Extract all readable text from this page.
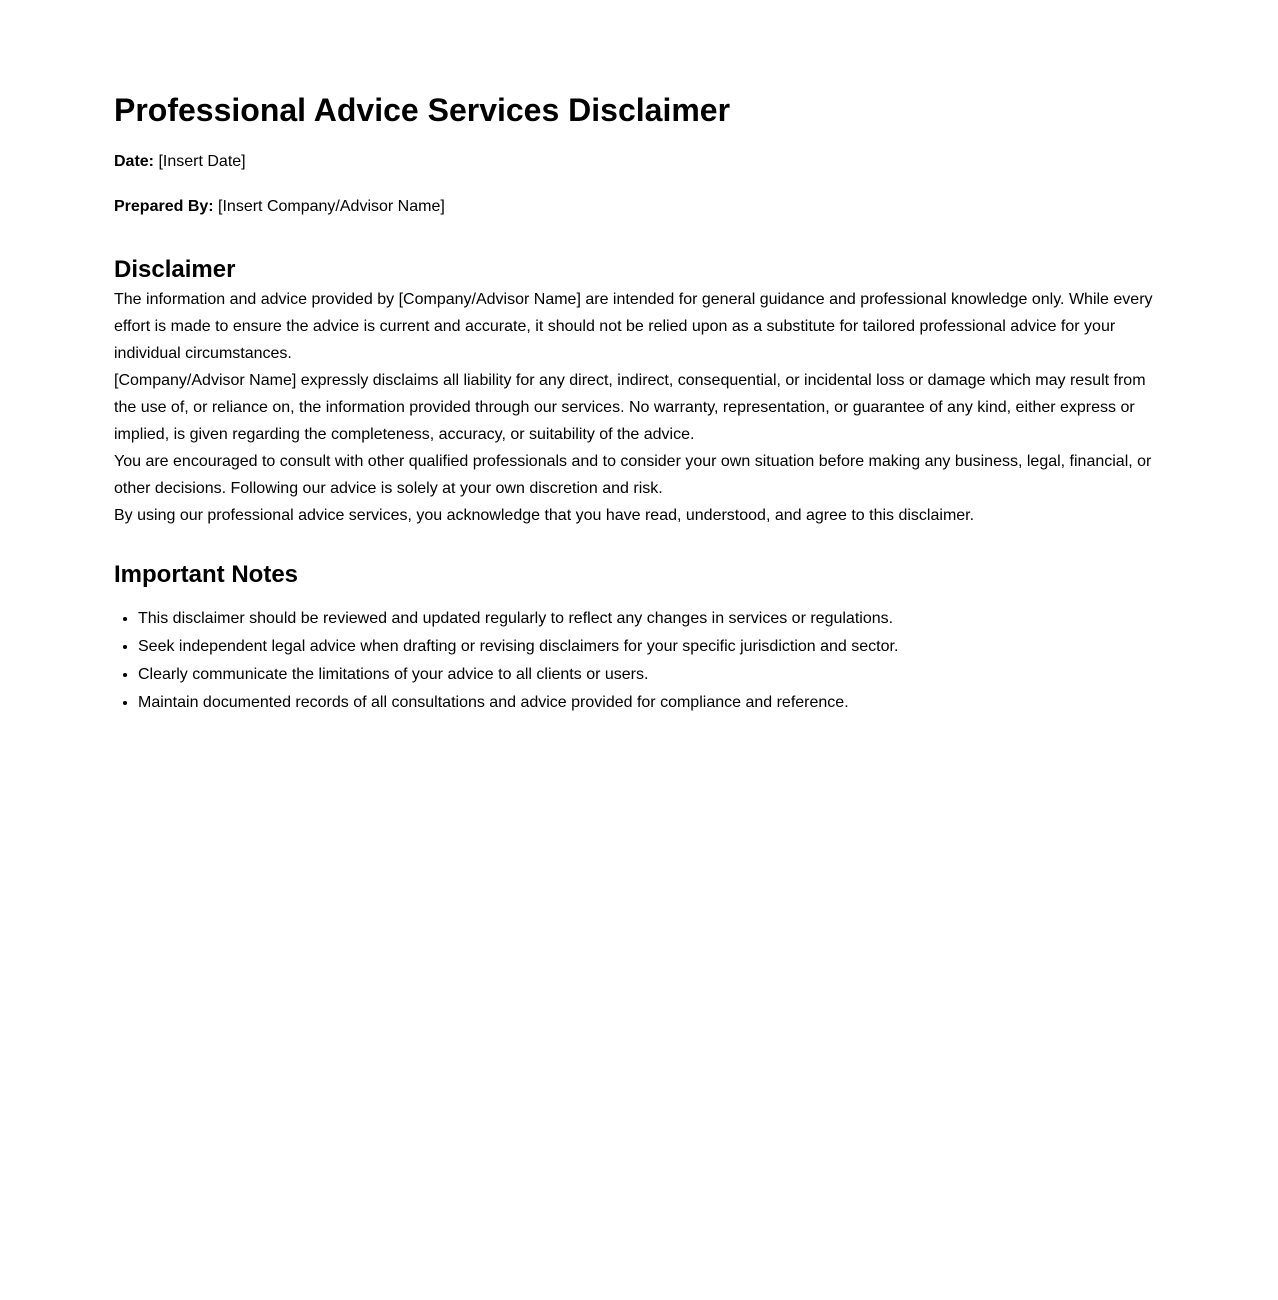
Professional Advice Services Disclaimer

Date: [Insert Date]

Prepared By: [Insert Company/Advisor Name]

Disclaimer

The information and advice provided by [Company/Advisor Name] are intended for general guidance and professional knowledge only. While every effort is made to ensure the advice is current and accurate, it should not be relied upon as a substitute for tailored professional advice for your individual circumstances.

[Company/Advisor Name] expressly disclaims all liability for any direct, indirect, consequential, or incidental loss or damage which may result from the use of, or reliance on, the information provided through our services. No warranty, representation, or guarantee of any kind, either express or implied, is given regarding the completeness, accuracy, or suitability of the advice.

You are encouraged to consult with other qualified professionals and to consider your own situation before making any business, legal, financial, or other decisions. Following our advice is solely at your own discretion and risk.

By using our professional advice services, you acknowledge that you have read, understood, and agree to this disclaimer.

Important Notes
• This disclaimer should be reviewed and updated regularly to reflect any changes in services or regulations.
• Seek independent legal advice when drafting or revising disclaimers for your specific jurisdiction and sector.
• Clearly communicate the limitations of your advice to all clients or users.
• Maintain documented records of all consultations and advice provided for compliance and reference.
